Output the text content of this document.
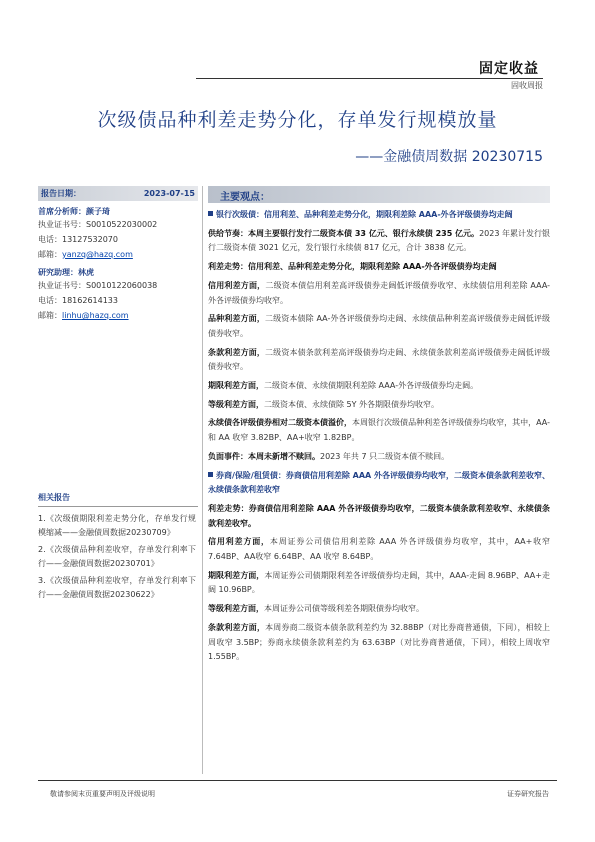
固定收益
固收周报
次级债品种利差走势分化，存单发行规模放量
——金融债周数据 20230715
报告日期：	2023-07-15
首席分析师：颜子琦
执业证书号：S0010522030002
电话：13127532070
邮箱：yanzq@hazq.com
研究助理：林虎
执业证书号：S0010122060038
电话：18162614133
邮箱：linhu@hazq.com
相关报告
1.《次级债期限利差走势分化，存单发行规模缩减——金融债周数据20230709》
2.《次级债品种利差收窄，存单发行利率下行——金融债周数据20230701》
3.《次级债品种利差收窄，存单发行利率下行——金融债周数据20230622》
主要观点：

银行次级债：信用利差、品种利差走势分化，期限利差除 AAA-外各评级债券均走阔

供给节奏：本周主要银行发行二级资本债 33 亿元、银行永续债 235 亿元。2023 年累计发行银行二级资本债 3021 亿元，发行银行永续债 817 亿元，合计 3838 亿元。

利差走势：信用利差、品种利差走势分化，期限利差除 AAA-外各评级债券均走阔

信用利差方面，二级资本债信用利差高评级债券走阔低评级债券收窄、永续债信用利差除 AAA-外各评级债券均收窄。

品种利差方面，二级资本债除 AA-外各评级债券均走阔、永续债品种利差高评级债券走阔低评级债券收窄。

条款利差方面，二级资本债条款利差高评级债券均走阔、永续债条款利差高评级债券走阔低评级债券收窄。

期限利差方面，二级资本债、永续债期限利差除 AAA-外各评级债券均走阔。

等级利差方面，二级资本债、永续债除 5Y 外各期限债券均收窄。

永续债各评级债券相对二级资本债溢价，本周银行次级债品种利差各评级债券均收窄，其中，AA-和 AA 收窄 3.82BP、AA+收窄 1.82BP。

负面事件：本周未新增不赎回。2023 年共 7 只二级资本债不赎回。

券商/保险/租赁债：券商债信用利差除 AAA 外各评级债券均收窄，二级资本债条款利差收窄、永续债条款利差收窄

利差走势：券商债信用利差除 AAA 外各评级债券均收窄，二级资本债条款利差收窄、永续债条款利差收窄。

信用利差方面，本周证券公司债信用利差除 AAA 外各评级债券均收窄，其中，AA+收窄 7.64BP、AA收窄 6.64BP、AA 收窄 8.64BP。

期限利差方面，本周证券公司债期限利差各评级债券均走阔，其中，AAA-走阔 8.96BP、AA+走阔 10.96BP。

等级利差方面，本周证券公司债等级利差各期限债券均收窄。

条款利差方面，本周券商二级资本债条款利差约为 32.88BP（对比券商普通债，下同），相较上周收窄 3.5BP；券商永续债条款利差约为 63.63BP（对比券商普通债，下同），相较上周收窄 1.55BP。

敬请参阅末页重要声明及评级说明	证券研究报告
